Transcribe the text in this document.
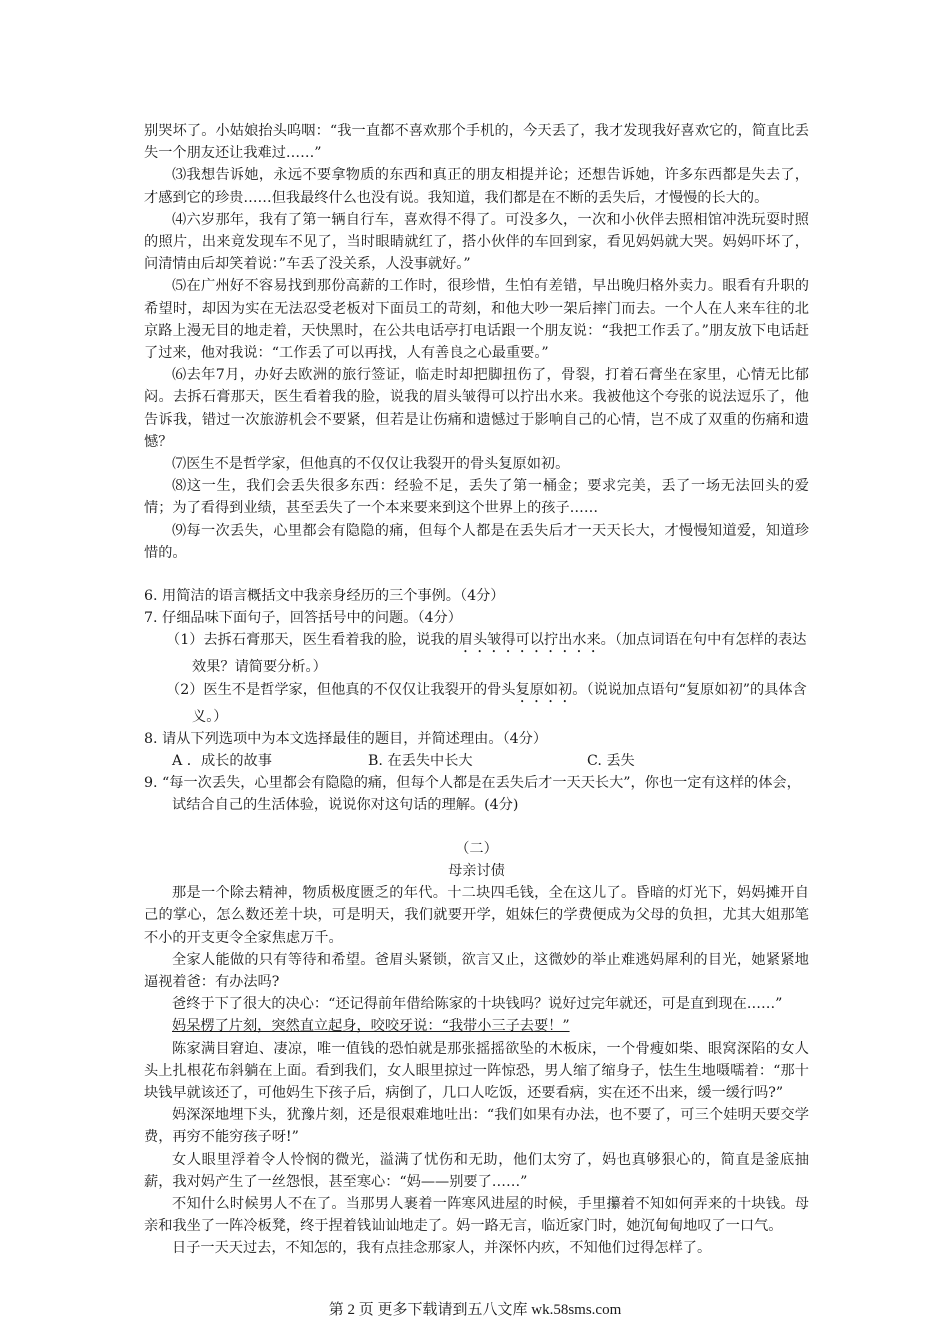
别哭坏了。小姑娘抬头呜咽：“我一直都不喜欢那个手机的，今天丢了，我才发现我好喜欢它的，简直比丢失一个朋友还让我难过……”

⑶我想告诉她，永远不要拿物质的东西和真正的朋友相提并论；还想告诉她，许多东西都是失去了，才感到它的珍贵……但我最终什么也没有说。我知道，我们都是在不断的丢失后，才慢慢的长大的。

⑷六岁那年，我有了第一辆自行车，喜欢得不得了。可没多久，一次和小伙伴去照相馆冲洗玩耍时照的照片，出来竟发现车不见了，当时眼睛就红了，搭小伙伴的车回到家，看见妈妈就大哭。妈妈吓坏了，问清情由后却笑着说：”车丢了没关系，人没事就好。”

⑸在广州好不容易找到那份高薪的工作时，很珍惜，生怕有差错，早出晚归格外卖力。眼看有升职的希望时，却因为实在无法忍受老板对下面员工的苛刻，和他大吵一架后摔门而去。一个人在人来车往的北京路上漫无目的地走着，天快黑时，在公共电话亭打电话跟一个朋友说：“我把工作丢了。”朋友放下电话赶了过来，他对我说：“工作丢了可以再找，人有善良之心最重要。”

⑹去年7月，办好去欧洲的旅行签证，临走时却把脚扭伤了，骨裂，打着石膏坐在家里，心情无比郁闷。去拆石膏那天，医生看着我的脸，说我的眉头皱得可以拧出水来。我被他这个夸张的说法逗乐了，他告诉我，错过一次旅游机会不要紧，但若是让伤痛和遗憾过于影响自己的心情，岂不成了双重的伤痛和遗憾？

⑺医生不是哲学家，但他真的不仅仅让我裂开的骨头复原如初。

⑻这一生，我们会丢失很多东西：经验不足，丢失了第一桶金；要求完美，丢了一场无法回头的爱情；为了看得到业绩，甚至丢失了一个本来要来到这个世界上的孩子……

⑼每一次丢失，心里都会有隐隐的痛，但每个人都是在丢失后才一天天长大，才慢慢知道爱，知道珍惜的。

6. 用简洁的语言概括文中我亲身经历的三个事例。（4分）

7. 仔细品味下面句子，回答括号中的问题。（4分）

（1）去拆石膏那天，医生看着我的脸，说我的眉头皱得可以拧出水来。（加点词语在句中有怎样的表达效果？请简要分析。）

（2）医生不是哲学家，但他真的不仅仅让我裂开的骨头复原如初。（说说加点语句“复原如初”的具体含义。）

8. 请从下列选项中为本文选择最佳的题目，并简述理由。（4分）

A ．成长的故事	B. 在丢失中长大	C. 丢失

9. “每一次丢失，心里都会有隐隐的痛，但每个人都是在丢失后才一天天长大”，你也一定有这样的体会，试结合自己的生活体验，说说你对这句话的理解。(4分)

（二）

母亲讨债

那是一个除去精神，物质极度匮乏的年代。十二块四毛钱，全在这儿了。昏暗的灯光下，妈妈摊开自己的掌心，怎么数还差十块，可是明天，我们就要开学，姐妹仨的学费便成为父母的负担，尤其大姐那笔不小的开支更令全家焦虑万千。

全家人能做的只有等待和希望。爸眉头紧锁，欲言又止，这微妙的举止难逃妈犀利的目光，她紧紧地逼视着爸：有办法吗?

爸终于下了很大的决心：“还记得前年借给陈家的十块钱吗？说好过完年就还，可是直到现在……”

妈呆楞了片刻，突然直立起身，咬咬牙说：“我带小三子去要！”

陈家满目窘迫、凄凉，唯一值钱的恐怕就是那张摇摇欲坠的木板床，一个骨瘦如柴、眼窝深陷的女人头上扎根花布斜躺在上面。看到我们，女人眼里掠过一阵惊恐，男人缩了缩身子，怯生生地嗫嚅着：“那十块钱早就该还了，可他妈生下孩子后，病倒了，几口人吃饭，还要看病，实在还不出来，缓一缓行吗?”

妈深深地埋下头，犹豫片刻，还是很艰难地吐出：“我们如果有办法，也不要了，可三个娃明天要交学费，再穷不能穷孩子呀!”

女人眼里浮着令人怜悯的微光，溢满了忧伤和无助，他们太穷了，妈也真够狠心的，简直是釜底抽薪，我对妈产生了一丝怨恨，甚至寒心：“妈——别要了……”

不知什么时候男人不在了。当那男人裹着一阵寒风进屋的时候，手里攥着不知如何弄来的十块钱。母亲和我坐了一阵冷板凳，终于捏着钱讪讪地走了。妈一路无言，临近家门时，她沉甸甸地叹了一口气。

日子一天天过去，不知怎的，我有点挂念那家人，并深怀内疚，不知他们过得怎样了。

第 2 页 更多下载请到五八文库 wk.58sms.com
